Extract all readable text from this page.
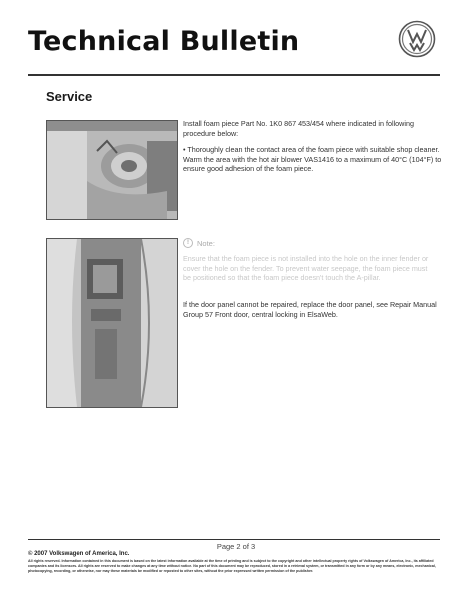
Technical Bulletin
Service
Install foam piece Part No. 1K0 867 453/454 where indicated in following procedure below:
• Thoroughly clean the contact area of the foam piece with suitable shop cleaner. Warm the area with the hot air blower VAS1416 to a maximum of 40°C (104°F) to ensure good adhesion of the foam piece.
!	Note:
Ensure that the foam piece is not installed into the hole on the inner fender or cover the hole on the fender. To prevent water seepage, the foam piece must be positioned so that the foam piece doesn't touch the A-pillar.
If the door panel cannot be repaired, replace the door panel, see Repair Manual Group 57 Front door, central locking in ElsaWeb.
Page 2 of 3
© 2007 Volkswagen of America, Inc.
All rights reserved. Information contained in this document is based on the latest information available at the time of printing and is subject to the copyright and other intellectual property rights of Volkswagen of America, Inc., its affiliated companies and its licensors. All rights are reserved to make changes at any time without notice. No part of this document may be reproduced, stored in a retrieval system, or transmitted in any form or by any means, electronic, mechanical, photocopying, recording, or otherwise, nor may these materials be modified or reposted to other sites, without the prior expressed written permission of the publisher.
